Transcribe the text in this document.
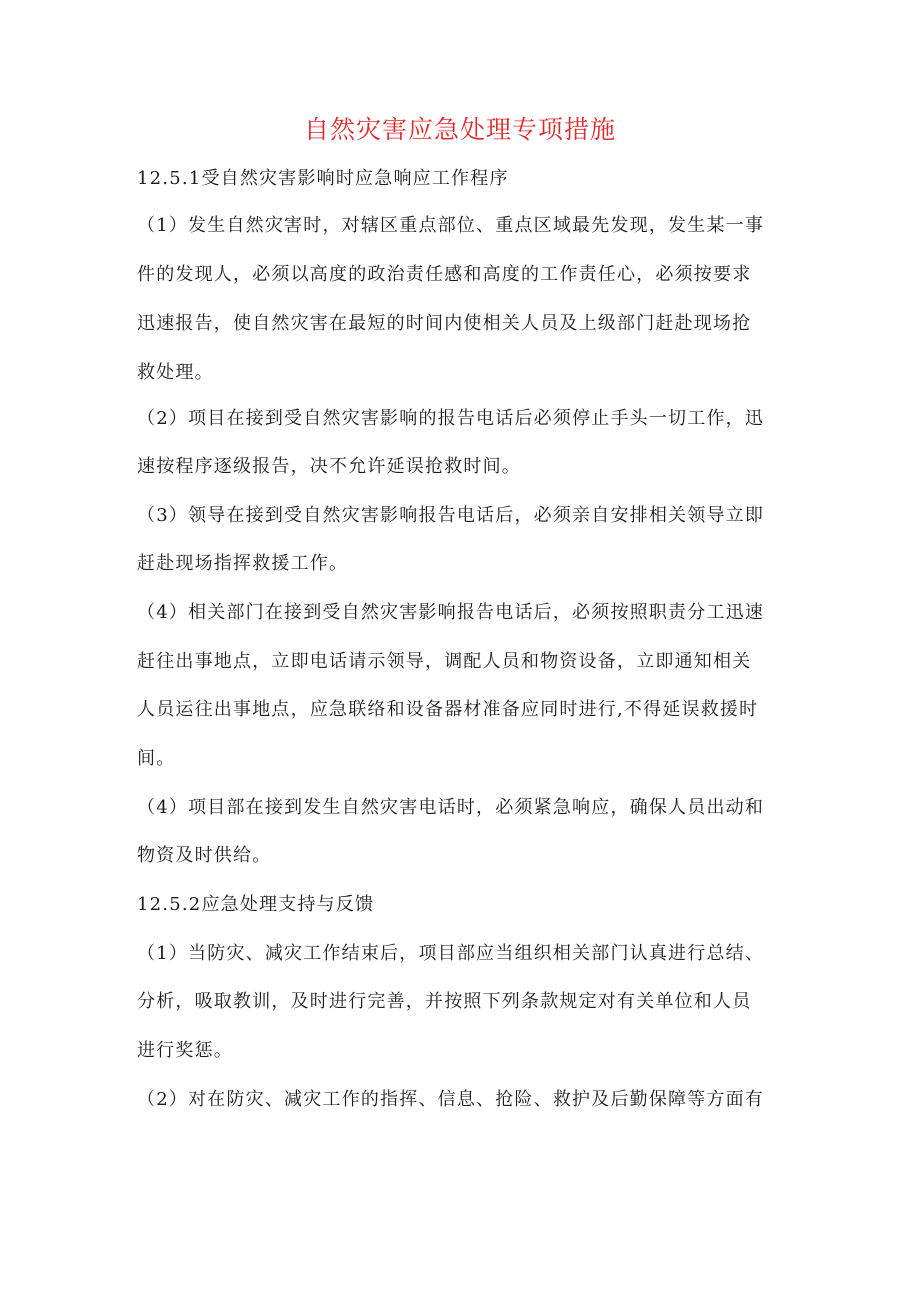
自然灾害应急处理专项措施

12.5.1受自然灾害影响时应急响应工作程序

（1）发生自然灾害时，对辖区重点部位、重点区域最先发现，发生某一事

件的发现人，必须以高度的政治责任感和高度的工作责任心，必须按要求

迅速报告，使自然灾害在最短的时间内使相关人员及上级部门赶赴现场抢

救处理。

（2）项目在接到受自然灾害影响的报告电话后必须停止手头一切工作，迅

速按程序逐级报告，决不允许延误抢救时间。

（3）领导在接到受自然灾害影响报告电话后，必须亲自安排相关领导立即

赶赴现场指挥救援工作。

（4）相关部门在接到受自然灾害影响报告电话后，必须按照职责分工迅速

赶往出事地点，立即电话请示领导，调配人员和物资设备，立即通知相关

人员运往出事地点，应急联络和设备器材准备应同时进行,不得延误救援时

间。

（4）项目部在接到发生自然灾害电话时，必须紧急响应，确保人员出动和

物资及时供给。

12.5.2应急处理支持与反馈

（1）当防灾、减灾工作结束后，项目部应当组织相关部门认真进行总结、

分析，吸取教训，及时进行完善，并按照下列条款规定对有关单位和人员

进行奖惩。

（2）对在防灾、减灾工作的指挥、信息、抢险、救护及后勤保障等方面有
